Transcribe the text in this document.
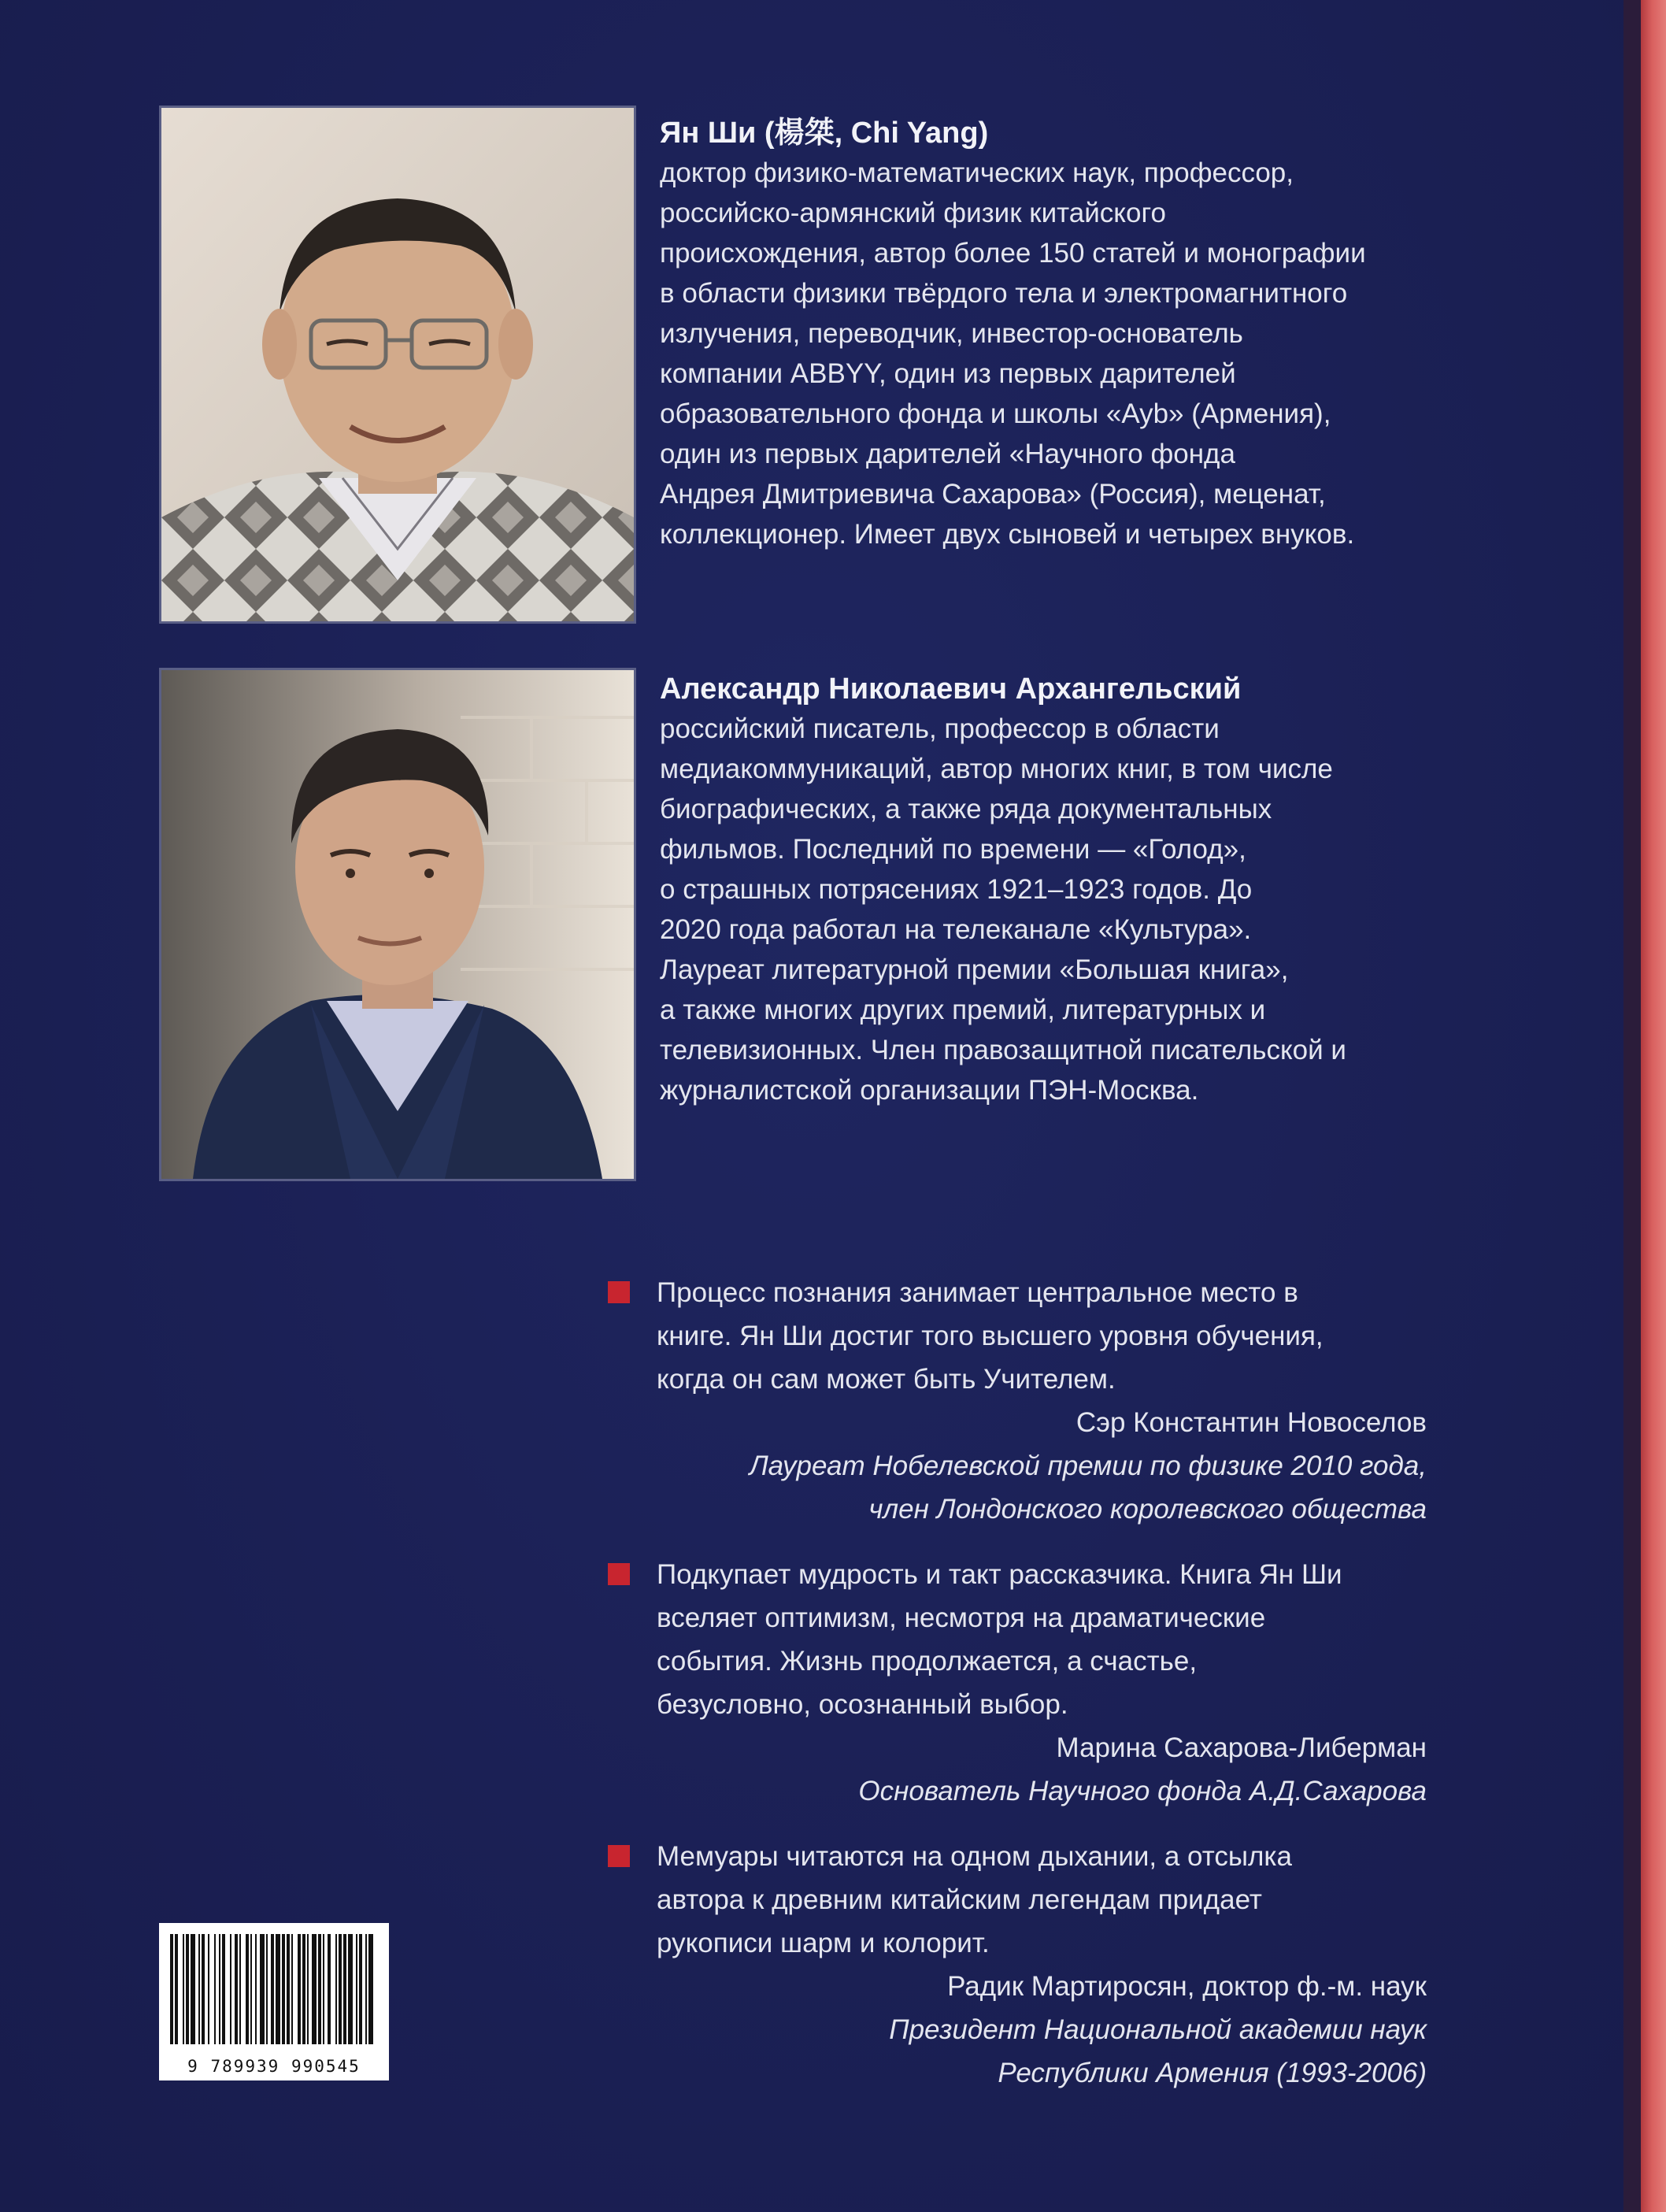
Ян Ши (楊桀, Chi Yang)
доктор физико-математических наук, профессор,
российско-армянский физик китайского
происхождения, автор более 150 статей и монографии
в области физики твёрдого тела и электромагнитного
излучения, переводчик, инвестор-основатель
компании ABBYY, один из первых дарителей
образовательного фонда и школы «Ayb» (Армения),
один из первых дарителей «Научного фонда
Андрея Дмитриевича Сахарова» (Россия), меценат,
коллекционер. Имеет двух сыновей и четырех внуков.
Александр Николаевич Архангельский
российский писатель, профессор в области
медиакоммуникаций, автор многих книг, в том числе
биографических, а также ряда документальных
фильмов. Последний по времени — «Голод»,
о страшных потрясениях 1921–1923 годов. До
2020 года работал на телеканале «Культура».
Лауреат литературной премии «Большая книга»,
а также многих других премий, литературных и
телевизионных. Член правозащитной писательской и
журналистской организации ПЭН-Москва.
Процесс познания занимает центральное место в
книге. Ян Ши достиг того высшего уровня обучения,
когда он сам может быть Учителем.
Сэр Константин Новоселов
Лауреат Нобелевской премии по физике 2010 года,
член Лондонского королевского общества
Подкупает мудрость и такт рассказчика. Книга Ян Ши
вселяет оптимизм, несмотря на драматические
события. Жизнь продолжается, а счастье,
безусловно, осознанный выбор.
Марина Сахарова-Либерман
Основатель Научного фонда А.Д.Сахарова
Мемуары читаются на одном дыхании, а отсылка
автора к древним китайским легендам придает
рукописи шарм и колорит.
Радик Мартиросян, доктор ф.-м. наук
Президент Национальной академии наук
Республики Армения (1993-2006)
9 789939 990545
